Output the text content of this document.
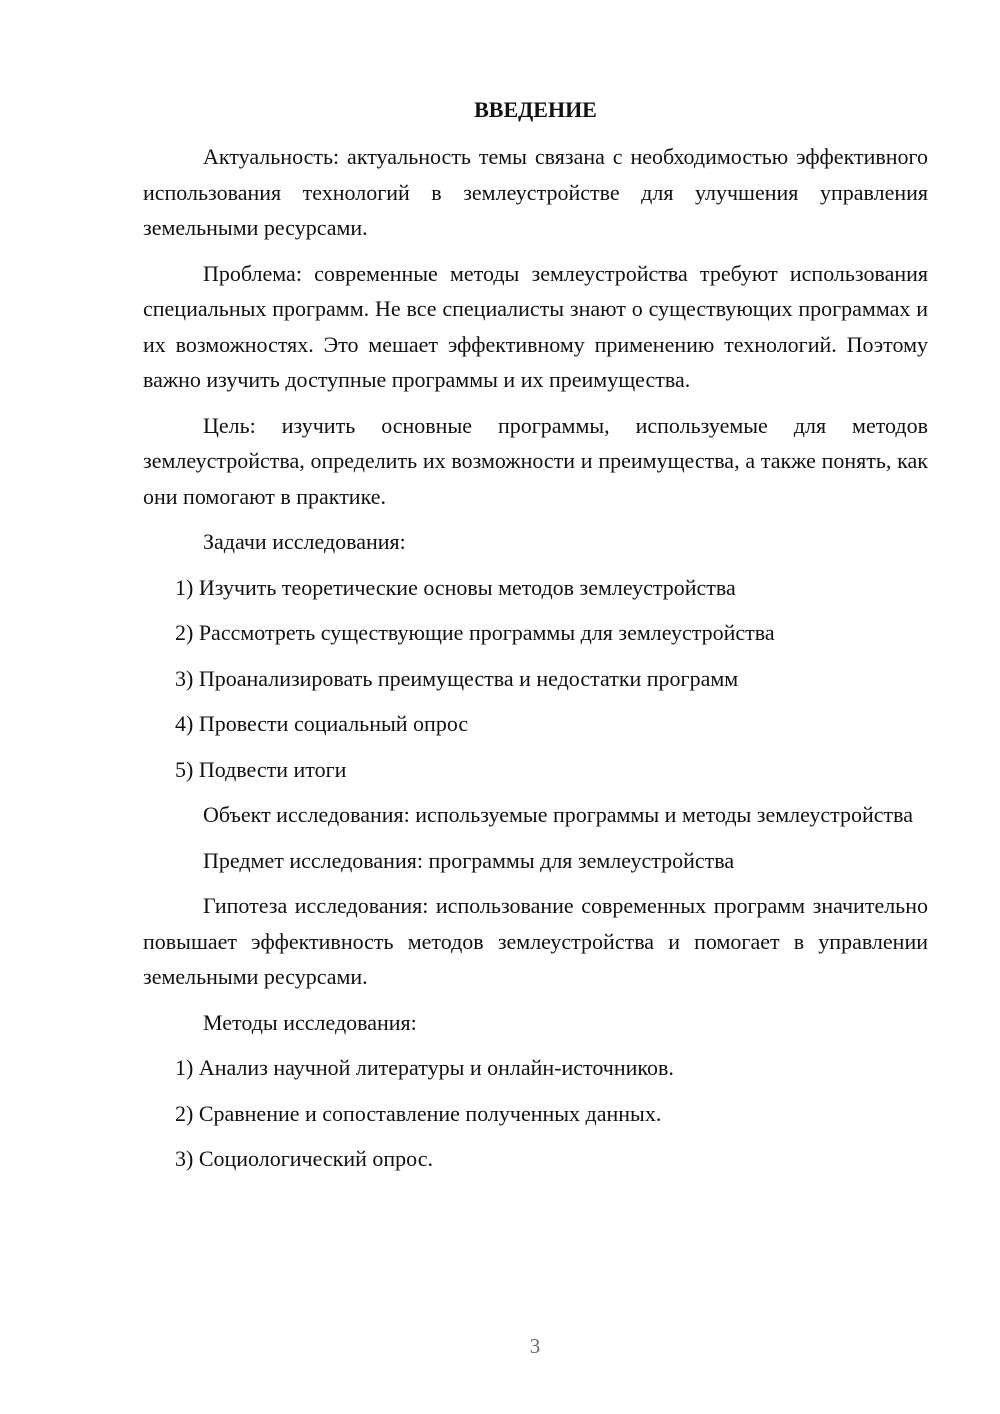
ВВЕДЕНИЕ

Актуальность: актуальность темы связана с необходимостью эффективного использования технологий в землеустройстве для улучшения управления земельными ресурсами.

Проблема: современные методы землеустройства требуют использования специальных программ. Не все специалисты знают о существующих программах и их возможностях. Это мешает эффективному применению технологий. Поэтому важно изучить доступные программы и их преимущества.

Цель: изучить основные программы, используемые для методов землеустройства, определить их возможности и преимущества, а также понять, как они помогают в практике.

Задачи исследования:

1) Изучить теоретические основы методов землеустройства
2) Рассмотреть существующие программы для землеустройства
3) Проанализировать преимущества и недостатки программ
4) Провести социальный опрос
5) Подвести итоги

Объект исследования: используемые программы и методы землеустройства

Предмет исследования: программы для землеустройства

Гипотеза исследования: использование современных программ значительно повышает эффективность методов землеустройства и помогает в управлении земельными ресурсами.

Методы исследования:

1) Анализ научной литературы и онлайн-источников.
2) Сравнение и сопоставление полученных данных.
3) Социологический опрос.
3
